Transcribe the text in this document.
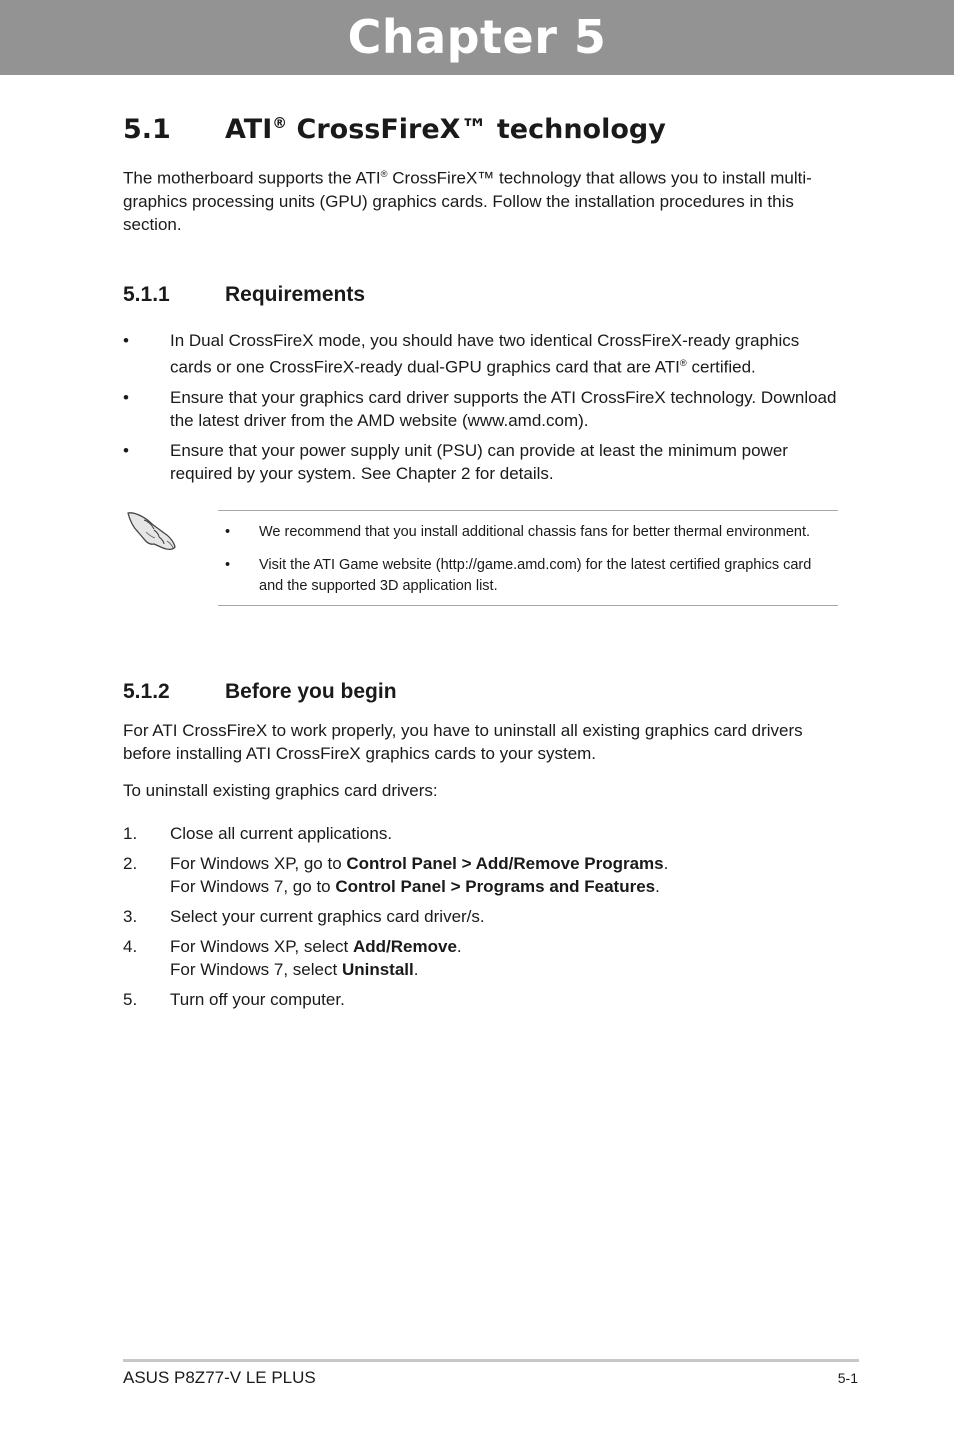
Chapter 5
5.1 ATI® CrossFireX™ technology

The motherboard supports the ATI® CrossFireX™ technology that allows you to install multi-graphics processing units (GPU) graphics cards. Follow the installation procedures in this section.

5.1.1	Requirements
• In Dual CrossFireX mode, you should have two identical CrossFireX-ready graphics cards or one CrossFireX-ready dual-GPU graphics card that are ATI® certified.
• Ensure that your graphics card driver supports the ATI CrossFireX technology. Download the latest driver from the AMD website (www.amd.com).
• Ensure that your power supply unit (PSU) can provide at least the minimum power required by your system. See Chapter 2 for details.
• We recommend that you install additional chassis fans for better thermal environment.
• Visit the ATI Game website (http://game.amd.com) for the latest certified graphics card and the supported 3D application list.
5.1.2	Before you begin

For ATI CrossFireX to work properly, you have to uninstall all existing graphics card drivers before installing ATI CrossFireX graphics cards to your system.

To uninstall existing graphics card drivers:

1. Close all current applications.
2. For Windows XP, go to Control Panel > Add/Remove Programs.
For Windows 7, go to Control Panel > Programs and Features.
3. Select your current graphics card driver/s.
4. For Windows XP, select Add/Remove.
For Windows 7, select Uninstall.
5. Turn off your computer.
ASUS P8Z77-V LE PLUS	5-1
